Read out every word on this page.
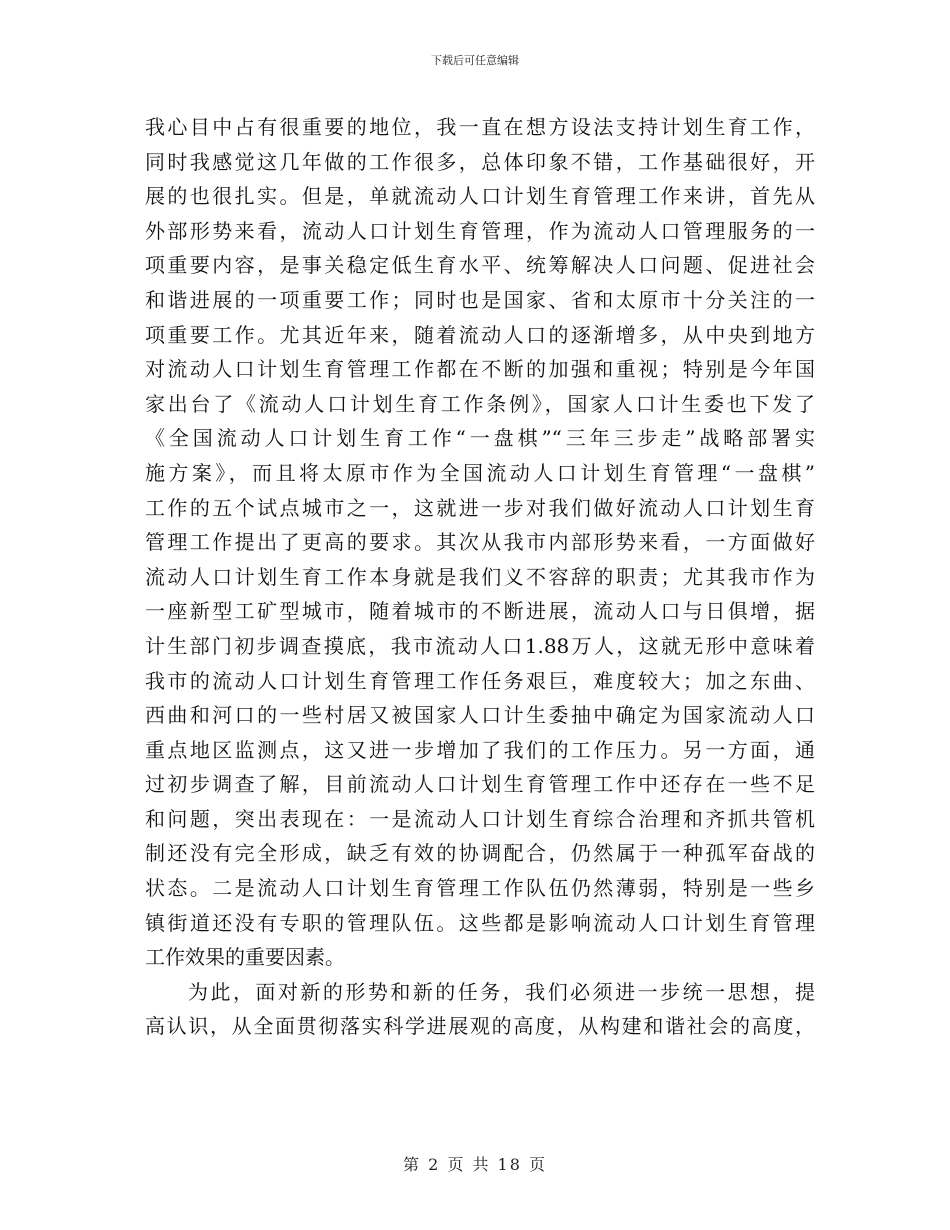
下载后可任意编辑
我心目中占有很重要的地位，我一直在想方设法支持计划生育工作，
同时我感觉这几年做的工作很多，总体印象不错，工作基础很好，开
展的也很扎实。但是，单就流动人口计划生育管理工作来讲，首先从
外部形势来看，流动人口计划生育管理，作为流动人口管理服务的一
项重要内容，是事关稳定低生育水平、统筹解决人口问题、促进社会
和谐进展的一项重要工作；同时也是国家、省和太原市十分关注的一
项重要工作。尤其近年来，随着流动人口的逐渐增多，从中央到地方
对流动人口计划生育管理工作都在不断的加强和重视；特别是今年国
家出台了《流动人口计划生育工作条例》，国家人口计生委也下发了
《全国流动人口计划生育工作“一盘棋”“三年三步走”战略部署实
施方案》，而且将太原市作为全国流动人口计划生育管理“一盘棋”
工作的五个试点城市之一，这就进一步对我们做好流动人口计划生育
管理工作提出了更高的要求。其次从我市内部形势来看，一方面做好
流动人口计划生育工作本身就是我们义不容辞的职责；尤其我市作为
一座新型工矿型城市，随着城市的不断进展，流动人口与日俱增，据
计生部门初步调查摸底，我市流动人口1.88万人，这就无形中意味着
我市的流动人口计划生育管理工作任务艰巨，难度较大；加之东曲、
西曲和河口的一些村居又被国家人口计生委抽中确定为国家流动人口
重点地区监测点，这又进一步增加了我们的工作压力。另一方面，通
过初步调查了解，目前流动人口计划生育管理工作中还存在一些不足
和问题，突出表现在：一是流动人口计划生育综合治理和齐抓共管机
制还没有完全形成，缺乏有效的协调配合，仍然属于一种孤军奋战的
状态。二是流动人口计划生育管理工作队伍仍然薄弱，特别是一些乡
镇街道还没有专职的管理队伍。这些都是影响流动人口计划生育管理
工作效果的重要因素。
为此，面对新的形势和新的任务，我们必须进一步统一思想，提
高认识，从全面贯彻落实科学进展观的高度，从构建和谐社会的高度，
第 2 页 共 18 页
